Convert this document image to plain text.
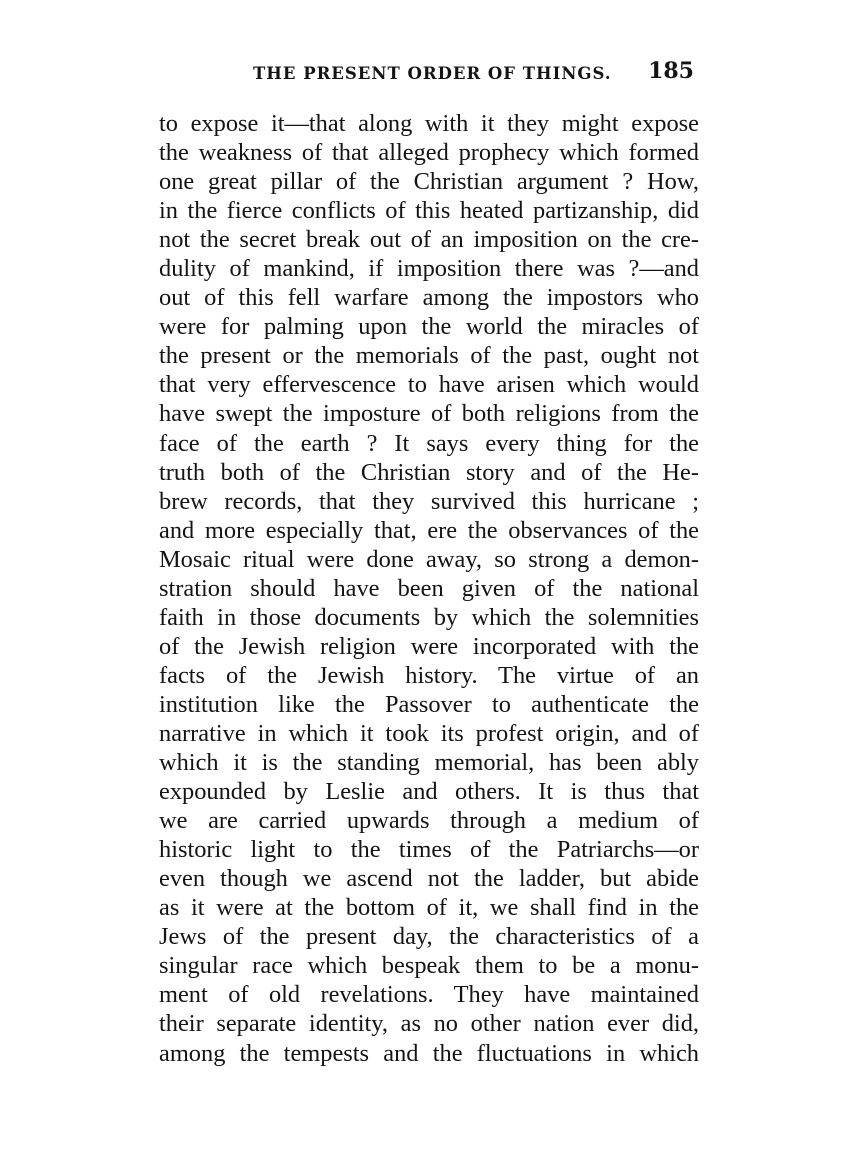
THE PRESENT ORDER OF THINGS. 185
to expose it—that along with it they might expose
the weakness of that alleged prophecy which formed
one great pillar of the Christian argument ? How,
in the fierce conflicts of this heated partizanship, did
not the secret break out of an imposition on the cre-
dulity of mankind, if imposition there was ?—and
out of this fell warfare among the impostors who
were for palming upon the world the miracles of
the present or the memorials of the past, ought not
that very effervescence to have arisen which would
have swept the imposture of both religions from the
face of the earth ? It says every thing for the
truth both of the Christian story and of the He-
brew records, that they survived this hurricane ;
and more especially that, ere the observances of the
Mosaic ritual were done away, so strong a demon-
stration should have been given of the national
faith in those documents by which the solemnities
of the Jewish religion were incorporated with the
facts of the Jewish history. The virtue of an
institution like the Passover to authenticate the
narrative in which it took its profest origin, and of
which it is the standing memorial, has been ably
expounded by Leslie and others. It is thus that
we are carried upwards through a medium of
historic light to the times of the Patriarchs—or
even though we ascend not the ladder, but abide
as it were at the bottom of it, we shall find in the
Jews of the present day, the characteristics of a
singular race which bespeak them to be a monu-
ment of old revelations. They have maintained
their separate identity, as no other nation ever did,
among the tempests and the fluctuations in which
